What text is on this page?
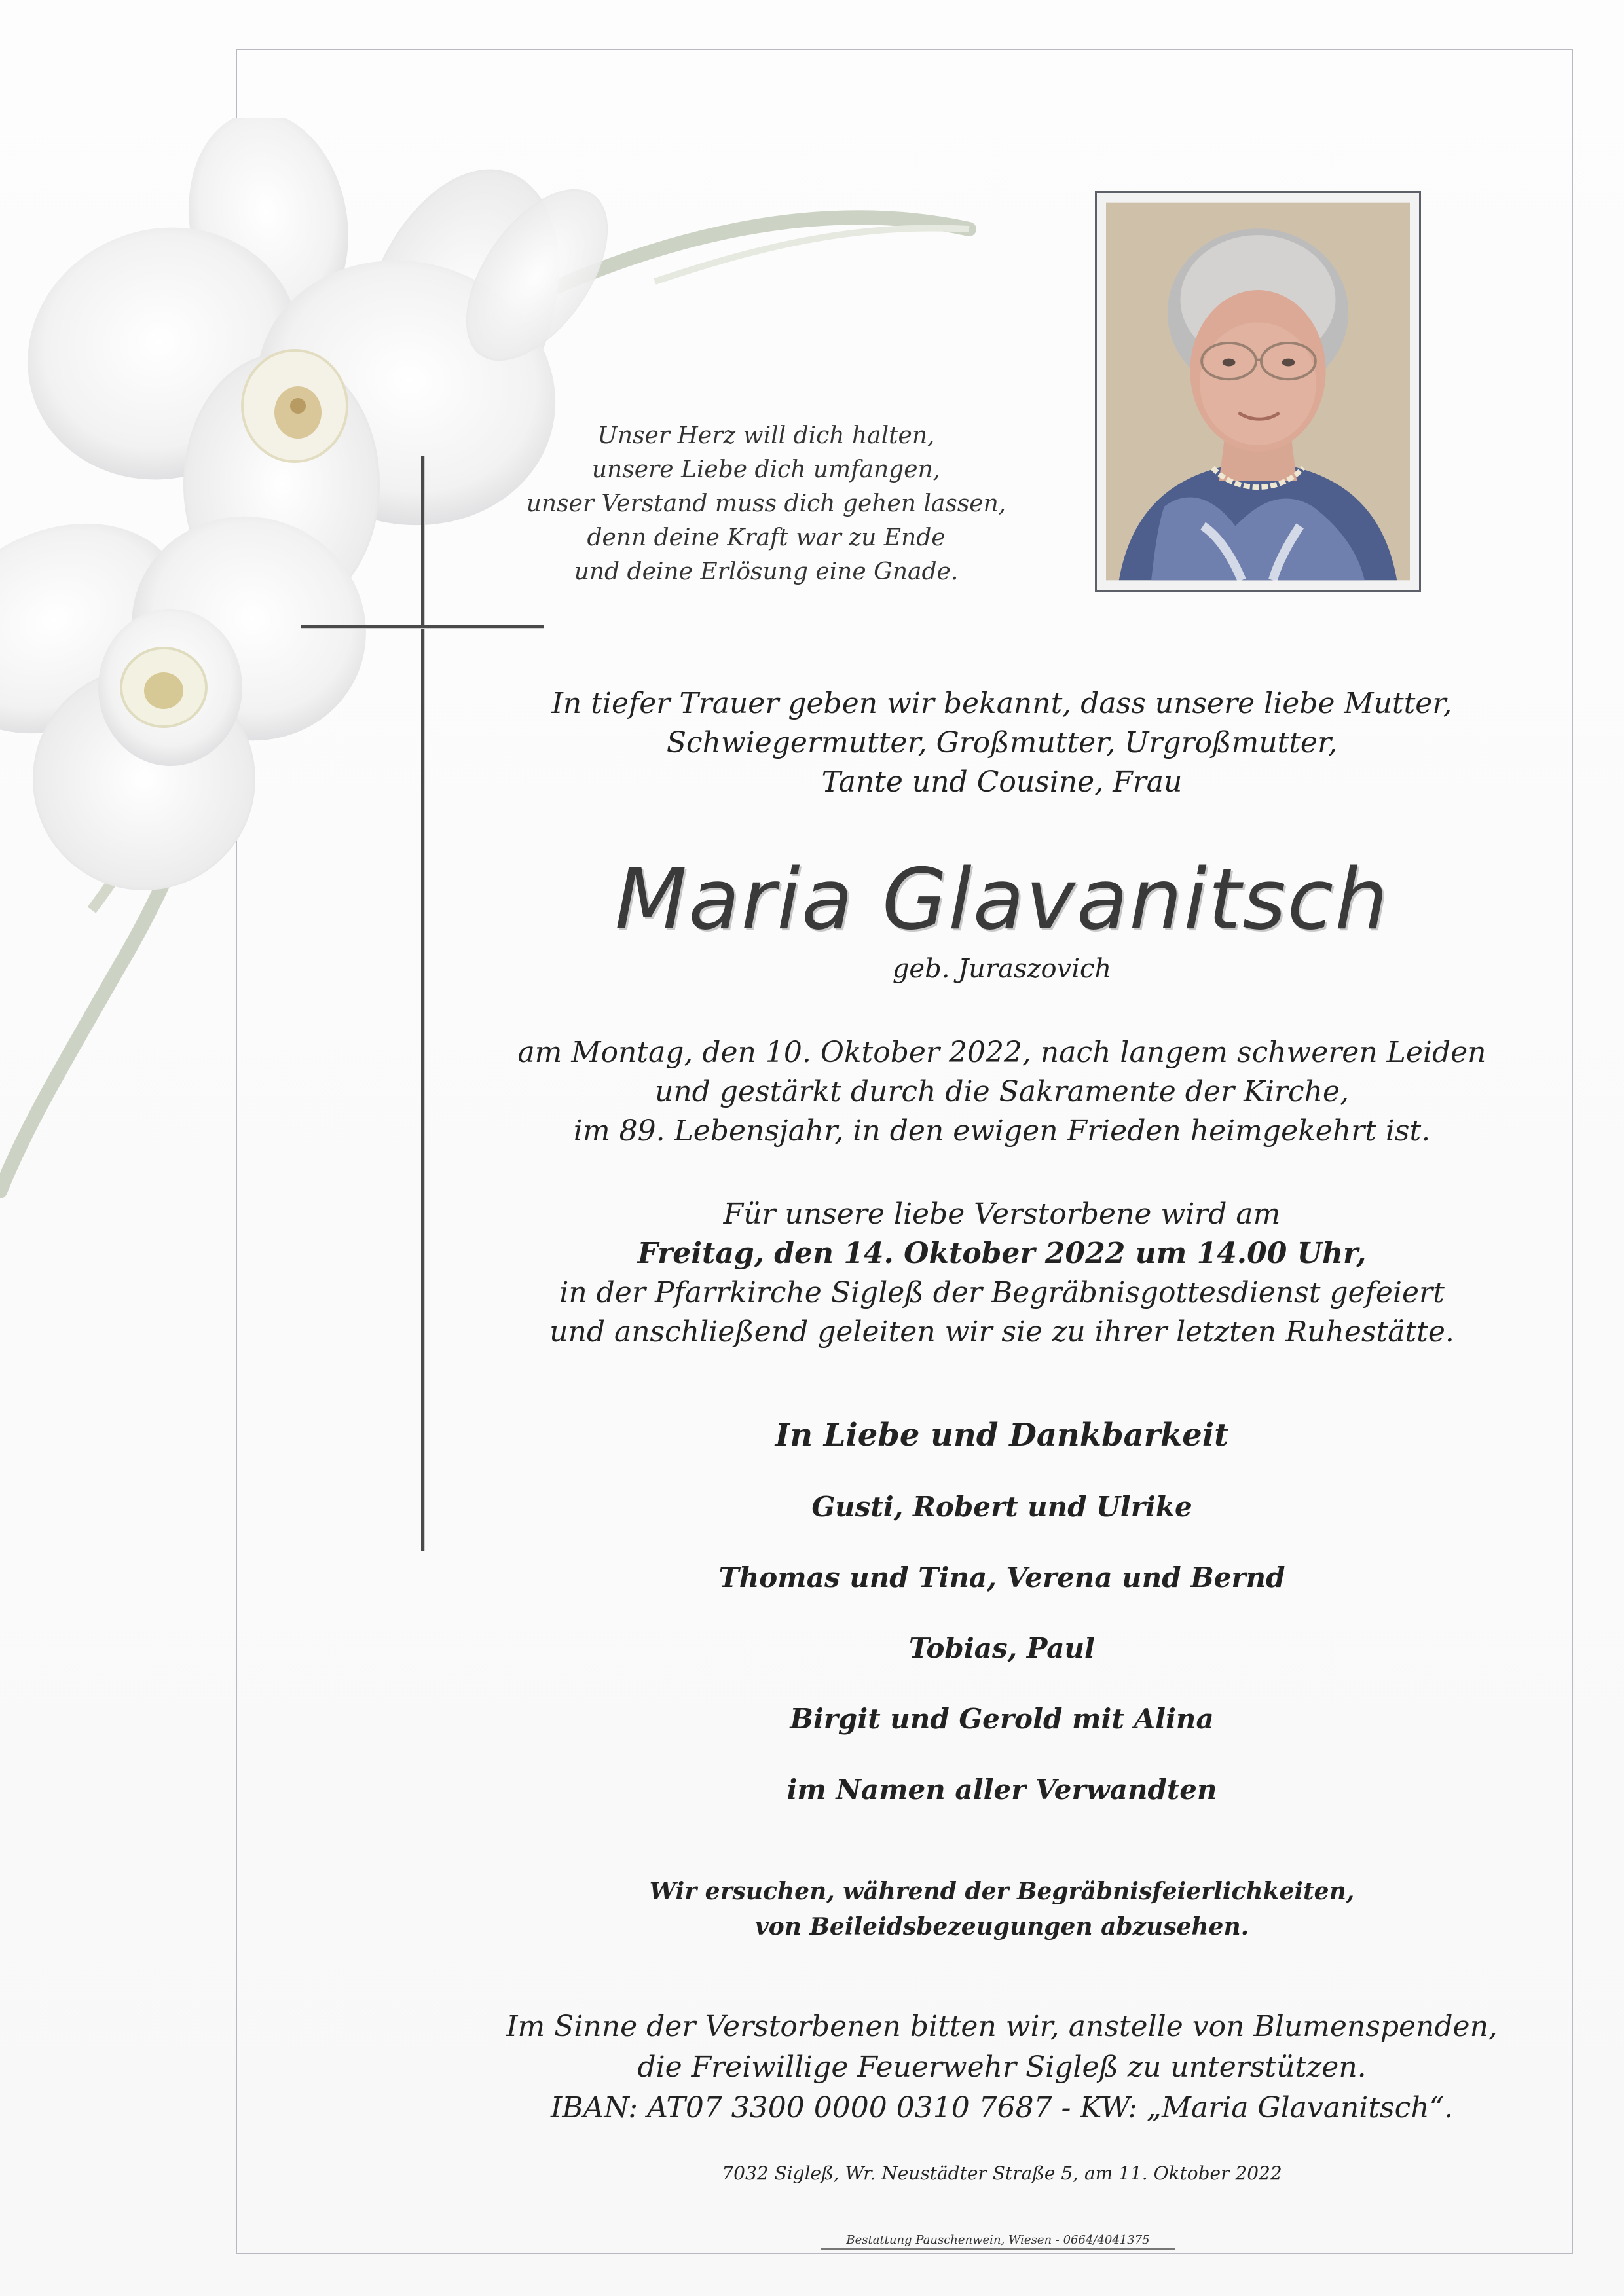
Unser Herz will dich halten,
unsere Liebe dich umfangen,
unser Verstand muss dich gehen lassen,
denn deine Kraft war zu Ende
und deine Erlösung eine Gnade.
In tiefer Trauer geben wir bekannt, dass unsere liebe Mutter,
Schwiegermutter, Großmutter, Urgroßmutter,
Tante und Cousine, Frau
Maria Glavanitsch
geb. Juraszovich
am Montag, den 10. Oktober 2022, nach langem schweren Leiden
und gestärkt durch die Sakramente der Kirche,
im 89. Lebensjahr, in den ewigen Frieden heimgekehrt ist.
Für unsere liebe Verstorbene wird am
Freitag, den 14. Oktober 2022 um 14.00 Uhr,
in der Pfarrkirche Sigleß der Begräbnisgottesdienst gefeiert
und anschließend geleiten wir sie zu ihrer letzten Ruhestätte.
In Liebe und Dankbarkeit
Gusti, Robert und Ulrike
Thomas und Tina, Verena und Bernd
Tobias, Paul
Birgit und Gerold mit Alina
im Namen aller Verwandten
Wir ersuchen, während der Begräbnisfeierlichkeiten,
von Beileidsbezeugungen abzusehen.
Im Sinne der Verstorbenen bitten wir, anstelle von Blumenspenden,
die Freiwillige Feuerwehr Sigleß zu unterstützen.
IBAN: AT07 3300 0000 0310 7687 - KW: „Maria Glavanitsch“.
7032 Sigleß, Wr. Neustädter Straße 5, am 11. Oktober 2022
Bestattung Pauschenwein, Wiesen - 0664/4041375
